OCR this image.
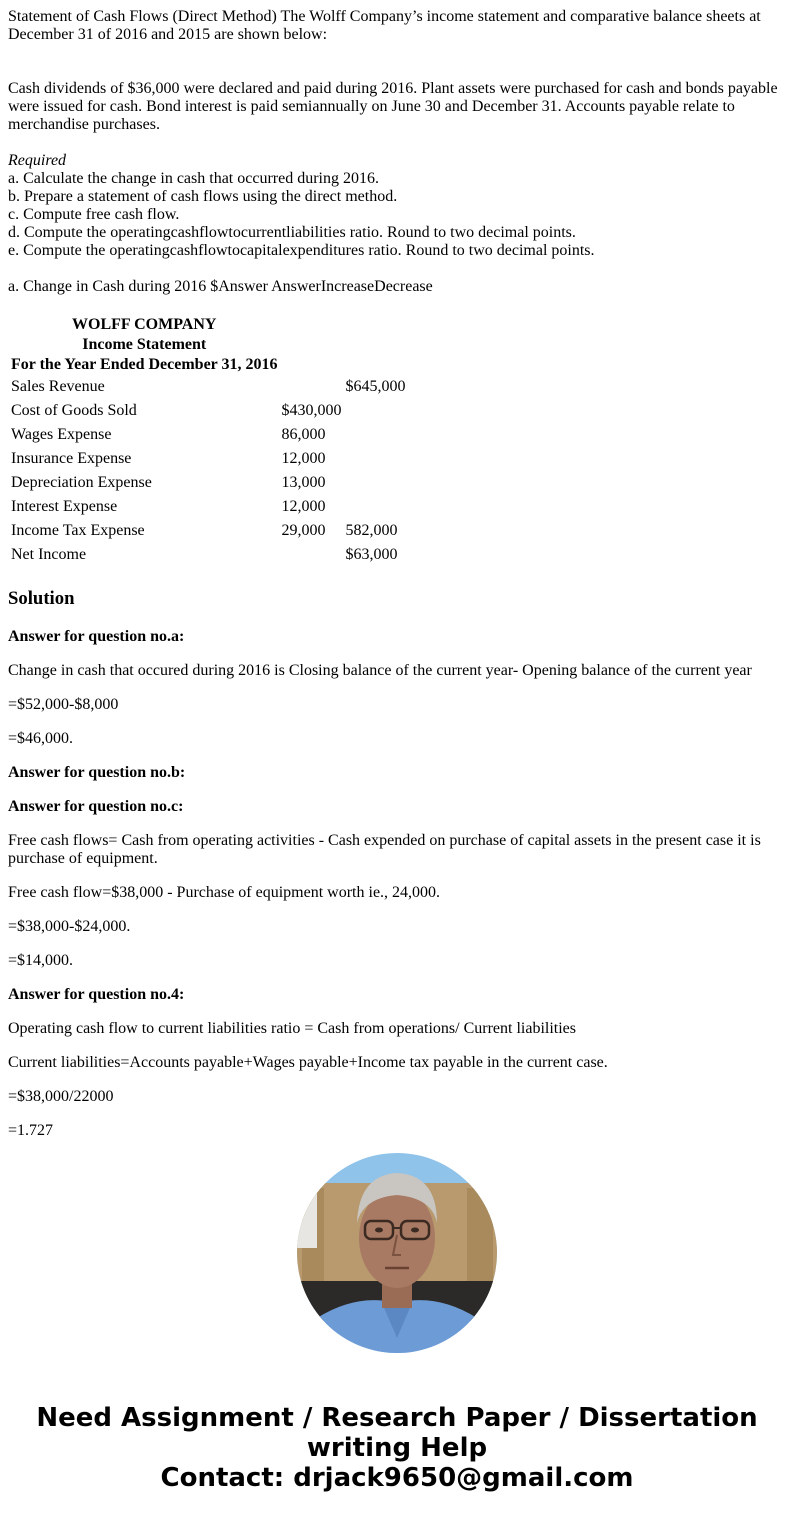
Statement of Cash Flows (Direct Method) The Wolff Company’s income statement and comparative balance sheets at December 31 of 2016 and 2015 are shown below:

Cash dividends of $36,000 were declared and paid during 2016. Plant assets were purchased for cash and bonds payable were issued for cash. Bond interest is paid semiannually on June 30 and December 31. Accounts payable relate to merchandise purchases.

Required
a. Calculate the change in cash that occurred during 2016.
b. Prepare a statement of cash flows using the direct method.
c. Compute free cash flow.
d. Compute the operatingcashflowtocurrentliabilities ratio. Round to two decimal points.
e. Compute the operatingcashflowtocapitalexpenditures ratio. Round to two decimal points.

a. Change in Cash during 2016 $Answer AnswerIncreaseDecrease

WOLFF COMPANY		
Income Statement		
For the Year Ended December 31, 2016		
Sales Revenue		$645,000
Cost of Goods Sold	$430,000	
Wages Expense	86,000	
Insurance Expense	12,000	
Depreciation Expense	13,000	
Interest Expense	12,000	
Income Tax Expense	29,000	582,000
Net Income		$63,000
Solution

Answer for question no.a:

Change in cash that occured during 2016 is Closing balance of the current year- Opening balance of the current year

=$52,000-$8,000

=$46,000.

Answer for question no.b:

Answer for question no.c:

Free cash flows= Cash from operating activities - Cash expended on purchase of capital assets in the present case it is purchase of equipment.

Free cash flow=$38,000 - Purchase of equipment worth ie., 24,000.

=$38,000-$24,000.

=$14,000.

Answer for question no.4:

Operating cash flow to current liabilities ratio = Cash from operations/ Current liabilities

Current liabilities=Accounts payable+Wages payable+Income tax payable in the current case.

=$38,000/22000

=1.727

Need Assignment / Research Paper / Dissertation
writing Help
Contact: drjack9650@gmail.com
